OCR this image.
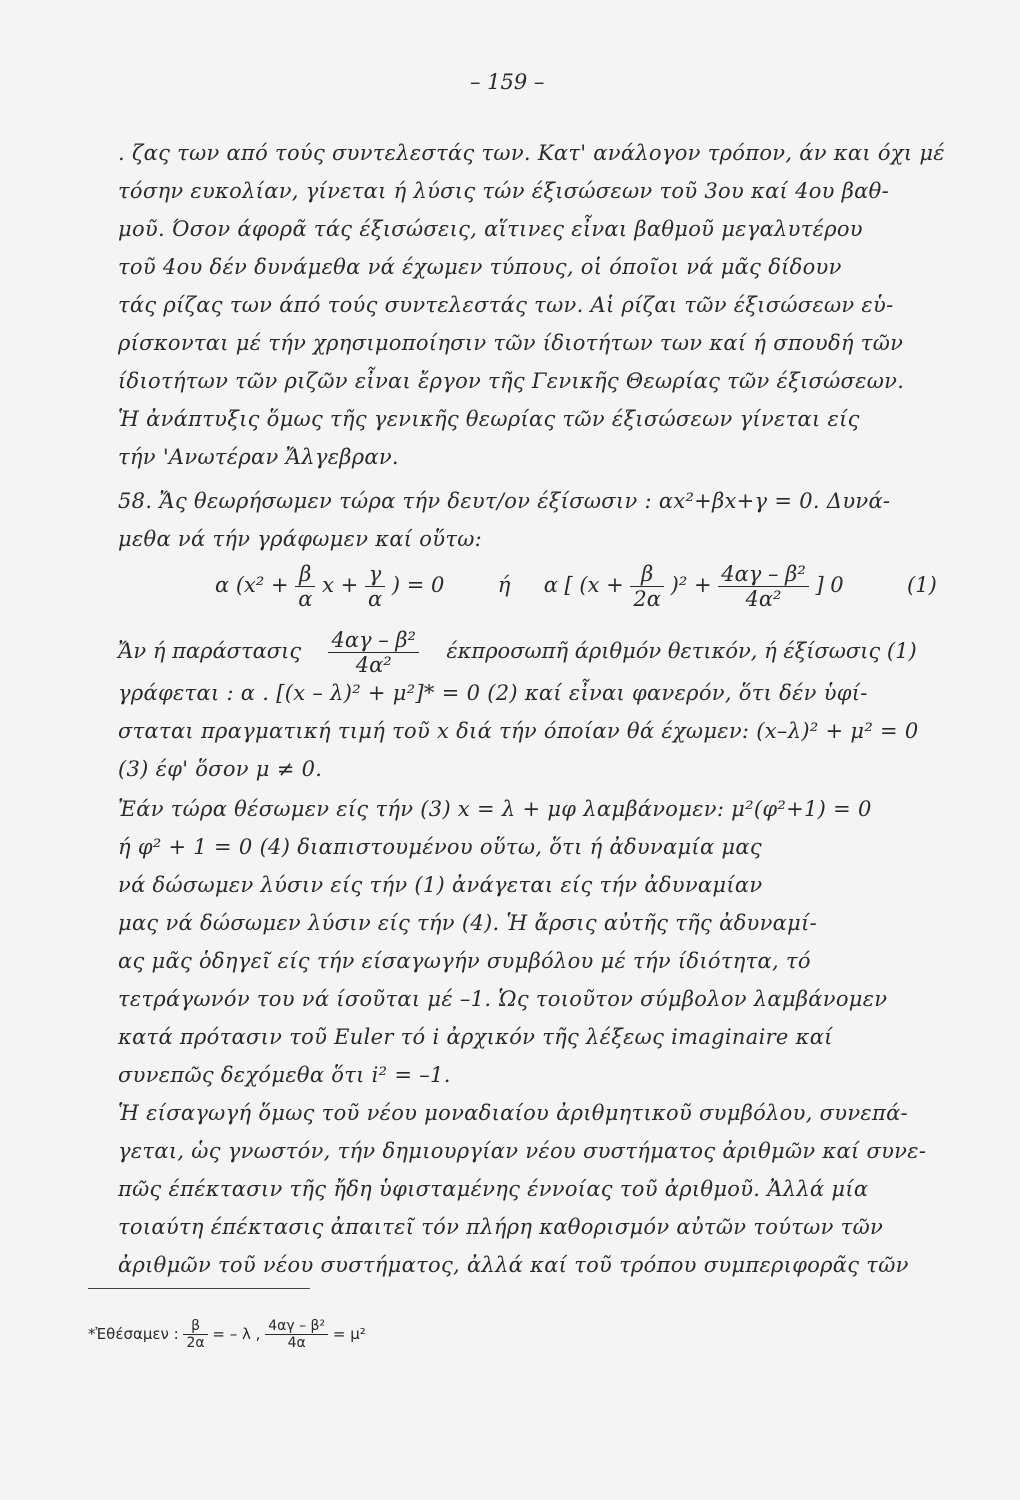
– 159 –
. ζας των από τούς συντελεστάς των. Κατ' ανάλογον τρόπον, άν και όχι μέ
τόσην ευκολίαν, γίνεται ή λύσις τών έξισώσεων τοῦ 3ου καί 4ου βαθ-
μοῦ. Όσον άφορᾶ τάς έξισώσεις, αἵτινες εἶναι βαθμοῦ μεγαλυτέρου
τοῦ 4ου δέν δυνάμεθα νά έχωμεν τύπους, οἱ όποῖοι νά μᾶς δίδουν
τάς ρίζας των άπό τούς συντελεστάς των. Αἱ ρίζαι τῶν έξισώσεων εὑ-
ρίσκονται μέ τήν χρησιμοποίησιν τῶν ίδιοτήτων των καί ή σπουδή τῶν
ίδιοτήτων τῶν ριζῶν εἶναι ἔργον τῆς Γενικῆς Θεωρίας τῶν έξισώσεων.
Ἡ ἀνάπτυξις ὅμως τῆς γενικῆς θεωρίας τῶν έξισώσεων γίνεται είς
τήν 'Ανωτέραν Ἄλγεβραν.
58. Ἄς θεωρήσωμεν τώρα τήν δευτ/ον έξίσωσιν : αx²+βx+γ = 0. Δυνά-
μεθα νά τήν γράφωμεν καί οὕτω:
α ($x^2 + \frac{\beta}{\alpha}$ $x + \frac{\gamma}{\alpha}$ ) = 0	ή α [ $(x + \frac{\beta}{2\alpha} )^2 + \frac{\text{4αγ – β²}}{\text{4α²}}$ ] 0	(1)
Ἄν ή παράστασις $\frac{\text{4αγ – β²}}{\text{4α²}}$ έκπροσωπῆ άριθμόν θετικόν, ή έξίσωσις (1)
γράφεται : α . [(x – λ)² + μ²]* = 0 (2) καί εἶναι φανερόν, ὅτι δέν ὑφί-
σταται πραγματική τιμή τοῦ x διά τήν όποίαν θά έχωμεν: (x–λ)² + μ² = 0
(3) έφ' ὅσον μ ≠ 0.
Ἐάν τώρα θέσωμεν είς τήν (3) x = λ + μφ λαμβάνομεν: μ²(φ²+1) = 0
ή φ² + 1 = 0 (4) διαπιστουμένου οὕτω, ὅτι ή ἀδυναμία μας
νά δώσωμεν λύσιν είς τήν (1) ἀνάγεται είς τήν ἀδυναμίαν
μας νά δώσωμεν λύσιν είς τήν (4). Ἡ ἄρσις αὐτῆς τῆς ἀδυναμί-
ας μᾶς ὁδηγεῖ είς τήν είσαγωγήν συμβόλου μέ τήν ίδιότητα, τό
τετράγωνόν του νά ίσοῦται μέ –1. Ὡς τοιοῦτον σύμβολον λαμβάνομεν
κατά πρότασιν τοῦ Euler τό i ἀρχικόν τῆς λέξεως imaginaire καί
συνεπῶς δεχόμεθα ὅτι i² = –1.
Ἡ είσαγωγή ὅμως τοῦ νέου μοναδιαίου ἀριθμητικοῦ συμβόλου, συνεπά-
γεται, ὡς γνωστόν, τήν δημιουργίαν νέου συστήματος ἀριθμῶν καί συνε-
πῶς έπέκτασιν τῆς ἤδη ὑφισταμένης έννοίας τοῦ ἀριθμοῦ. Ἀλλά μία
τοιαύτη έπέκτασις ἀπαιτεῖ τόν πλήρη καθορισμόν αὐτῶν τούτων τῶν
ἀριθμῶν τοῦ νέου συστήματος, ἀλλά καί τοῦ τρόπου συμπεριφορᾶς τῶν
*Ἐθέσαμεν : $\frac{\beta}{2\alpha}$ = – λ , $\frac{\text{4αγ – β²}}{4\alpha} = \mu^2$
